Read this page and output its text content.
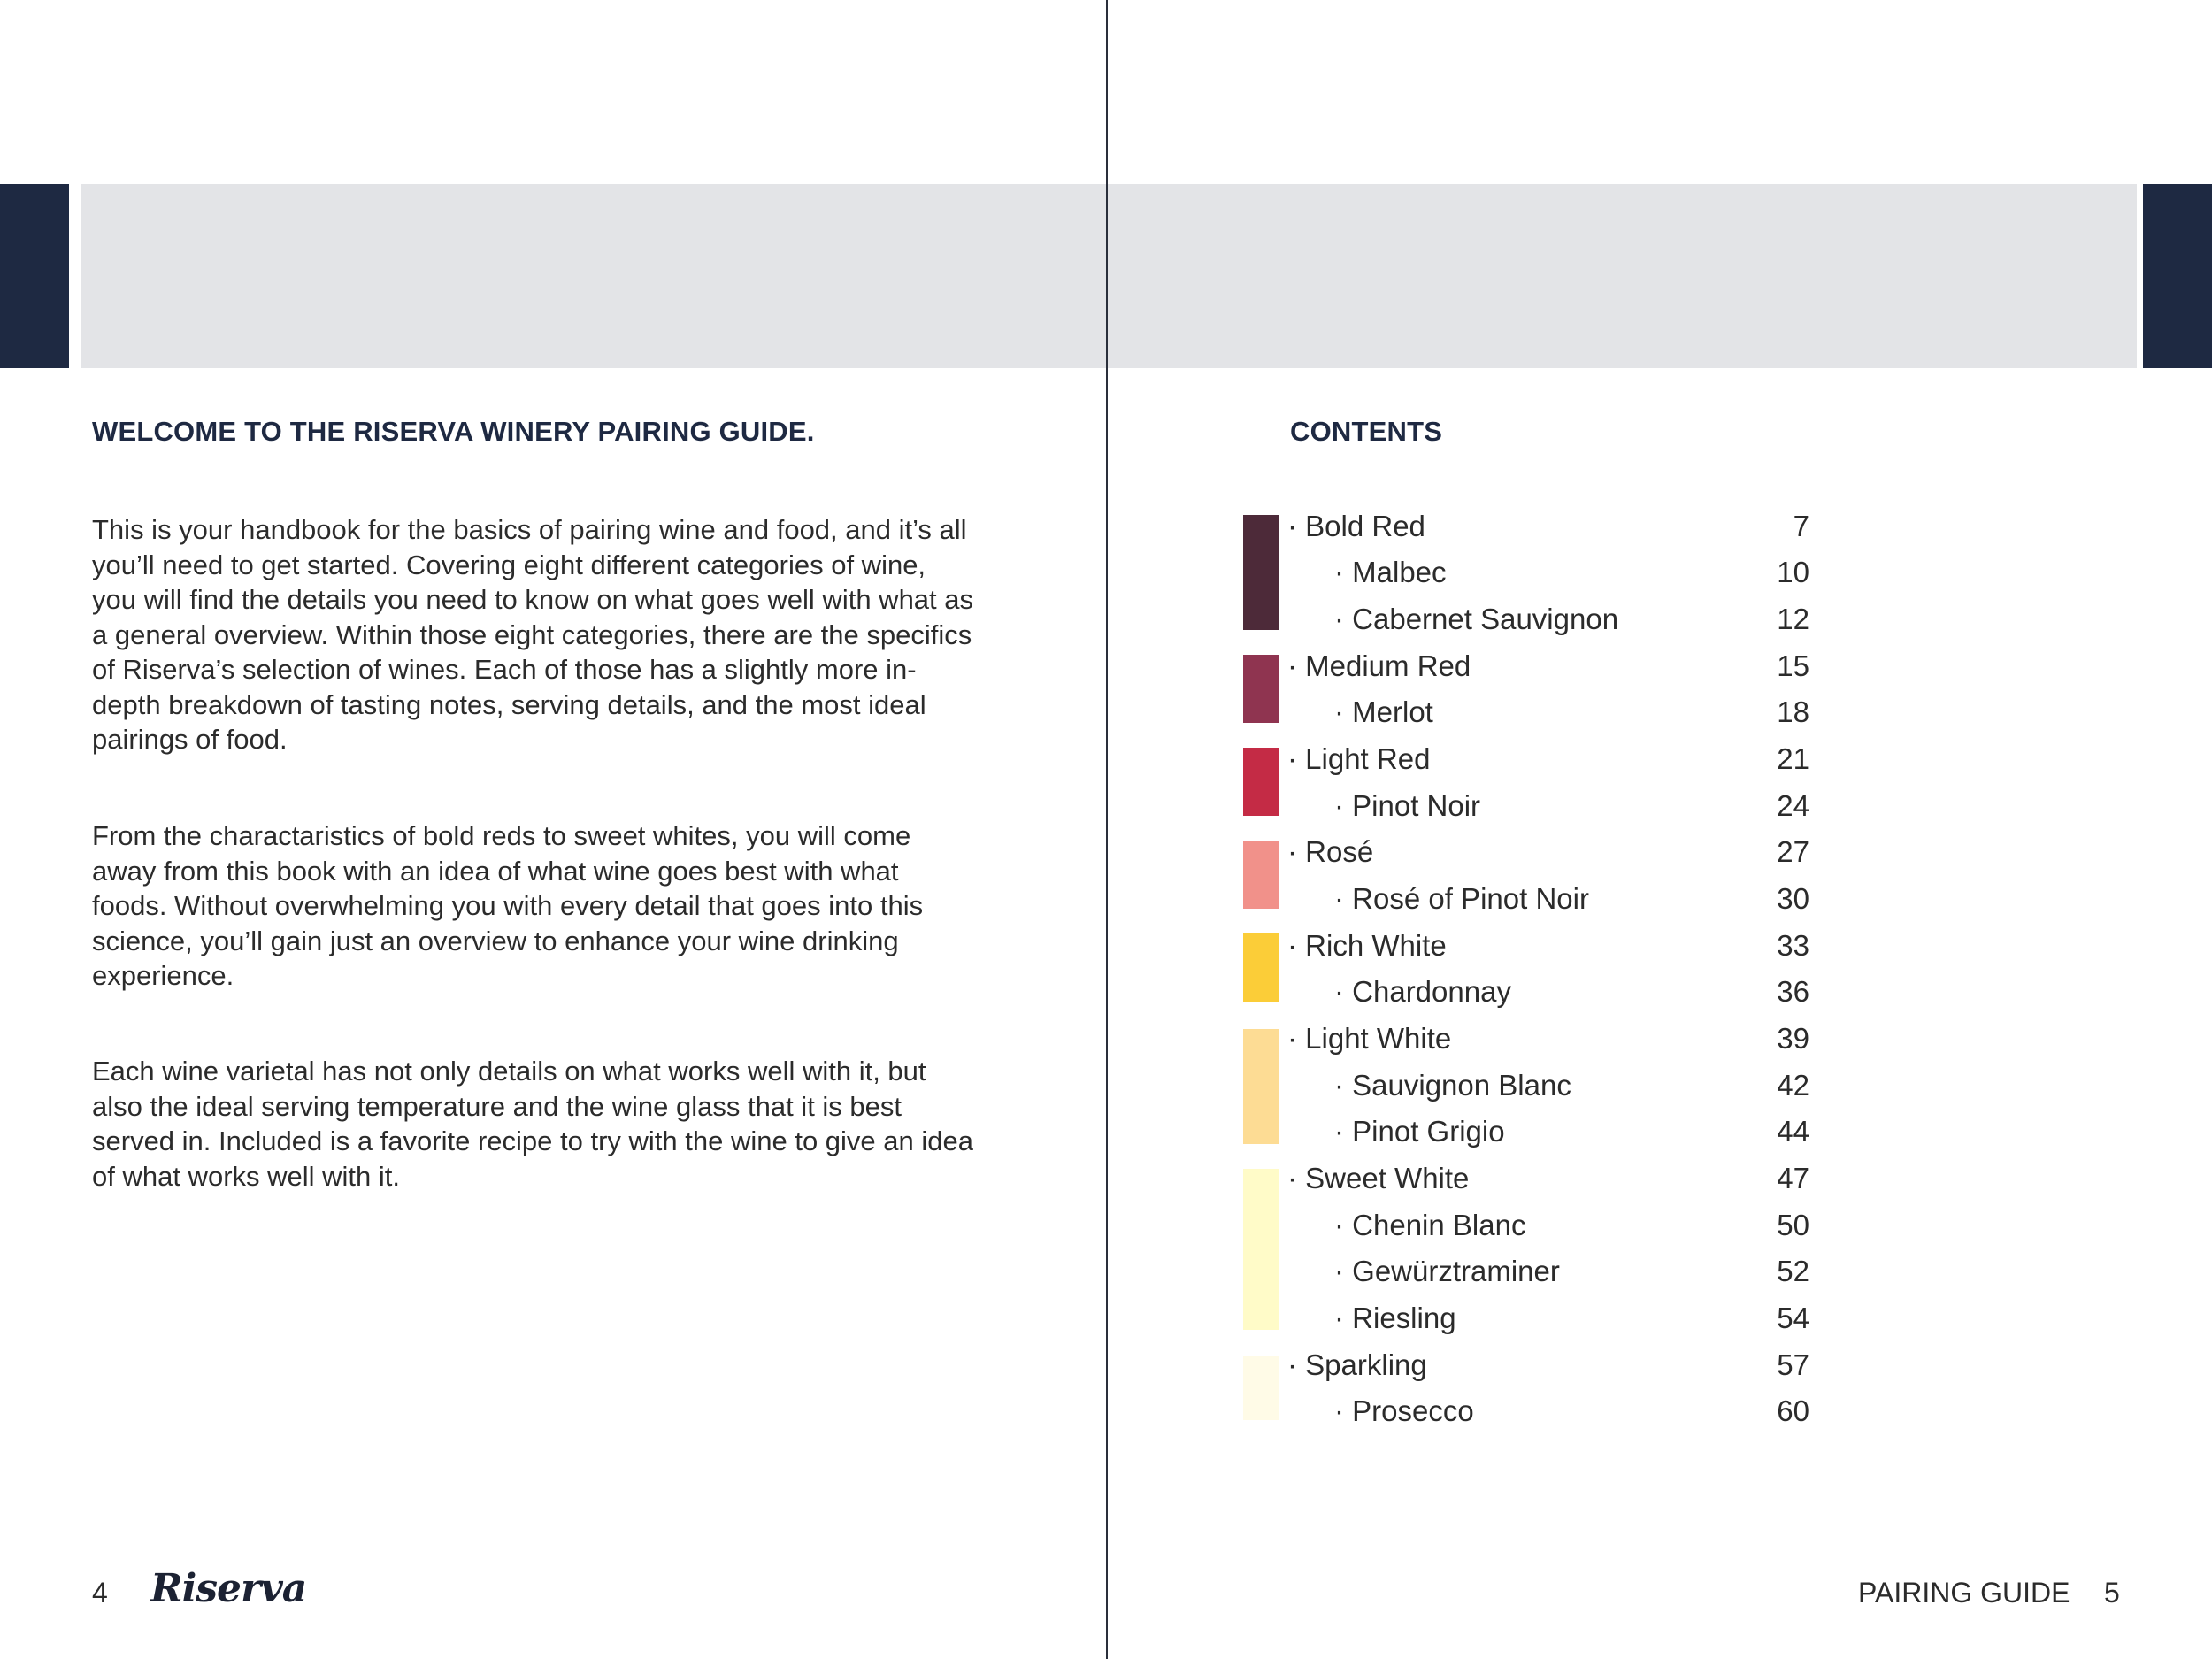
WELCOME TO THE RISERVA WINERY PAIRING GUIDE.

This is your handbook for the basics of pairing wine and food, and it’s all you’ll need to get started. Covering eight different categories of wine, you will find the details you need to know on what goes well with what as a general overview. Within those eight categories, there are the specifics of Riserva’s selection of wines. Each of those has a slightly more in-depth breakdown of tasting notes, serving details, and the most ideal pairings of food.

From the charactaristics of bold reds to sweet whites, you will come away from this book with an idea of what wine goes best with what foods. Without overwhelming you with every detail that goes into this science, you’ll gain just an overview to enhance your wine drinking experience.

Each wine varietal has not only details on what works well with it, but also the ideal serving temperature and the wine glass that it is best served in. Included is a favorite recipe to try with the wine to give an idea of what works well with it.

4 Riserva
CONTENTS
· Bold Red	7
· Malbec	10
· Cabernet Sauvignon	12
· Medium Red	15
· Merlot	18
· Light Red	21
· Pinot Noir	24
· Rosé	27
· Rosé of Pinot Noir	30
· Rich White	33
· Chardonnay	36
· Light White	39
· Sauvignon Blanc	42
· Pinot Grigio	44
· Sweet White	47
· Chenin Blanc	50
· Gewürztraminer	52
· Riesling	54
· Sparkling	57
· Prosecco	60
PAIRING GUIDE 5
